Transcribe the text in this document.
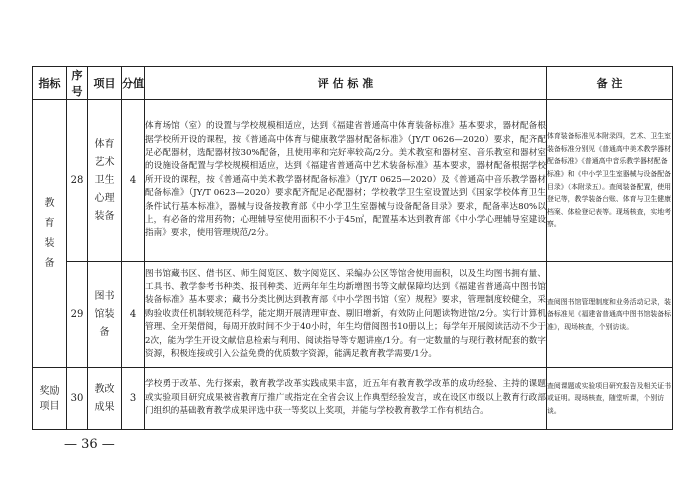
指标	序号	项目	分值	评 估 标 准	备 注
教育装备	28	体育艺术卫生心理装备	4	体育场馆（室）的设置与学校规模相适应，达到《福建省普通高中体育装备标准》基本要求，器材配备根据学校所开设的课程，按《普通高中体育与健康教学器材配备标准》（JY/T 0626—2020）要求，配齐配足必配器材，选配器材按30%配备，且使用率和完好率较高/2分。美术教室和器材室、音乐教室和器材室的设施设备配置与学校规模相适应，达到《福建省普通高中艺术装备标准》基本要求，器材配备根据学校所开设的课程，按《普通高中美术教学器材配备标准》（JY/T 0625—2020）及《普通高中音乐教学器材配备标准》（JY/T 0623—2020）要求配齐配足必配器材；学校教学卫生室设置达到《国家学校体育卫生条件试行基本标准》，器械与设备按教育部《中小学卫生室器械与设备配备目录》要求，配备率达80%以上，有必备的常用药物；心理辅导室使用面积不小于45㎡，配置基本达到教育部《中小学心理辅导室建设指南》要求，使用管理规范/2分。	体育装备标准见本附录四，艺术、卫生室装备标准分别见《普通高中美术教学器材配备标准》《普通高中音乐教学器材配备标准》和《中小学卫生室器械与设备配备目录》（本附录五）。查阅装备配置，使用登记等，教学装备台账、体育与卫生健康档案、体检登记表等。现场核查，实地考察。
	29	图书馆装备	4	图书馆藏书区、借书区、师生阅览区、数字阅览区、采编办公区等馆舍使用面积，以及生均图书拥有量、工具书、教学参考书种类、报刊种类、近两年年生均新增图书等文献保障均达到《福建省普通高中图书馆装备标准》基本要求；藏书分类比例达到教育部《中小学图书馆（室）规程》要求，管理制度较健全，采购验收责任机制较规范科学，能定期开展清理审查、剔旧增新，有效防止问题读物进馆/2分。实行计算机管理、全开架借阅，每周开放时间不少于40小时，年生均借阅图书10册以上；每学年开展阅读活动不少于2次，能为学生开设文献信息检索与利用、阅读指导等专题讲座/1分。有一定数量的与现行教材配套的数字资源，积极连接或引入公益免费的优质数字资源，能满足教育教学需要/1分。	查阅图书馆管理制度和业务活动记录，装备标准见《福建省普通高中图书馆装备标准》，现场核查，个别访谈。
奖励项目	30	教改成果	3	学校勇于改革、先行探索，教育教学改革实践成果丰富，近五年有教育教学改革的成功经验、主持的课题或实验项目研究成果被省教育厅推广或指定在全省会议上作典型经验发言，或在设区市级以上教育行政部门组织的基础教育教学成果评选中获一等奖以上奖项，并能与学校教育教学工作有机结合。	查阅课题或实验项目研究报告及相关证书或证明。现场核查，随堂听课，个别访谈。
— 36 —
